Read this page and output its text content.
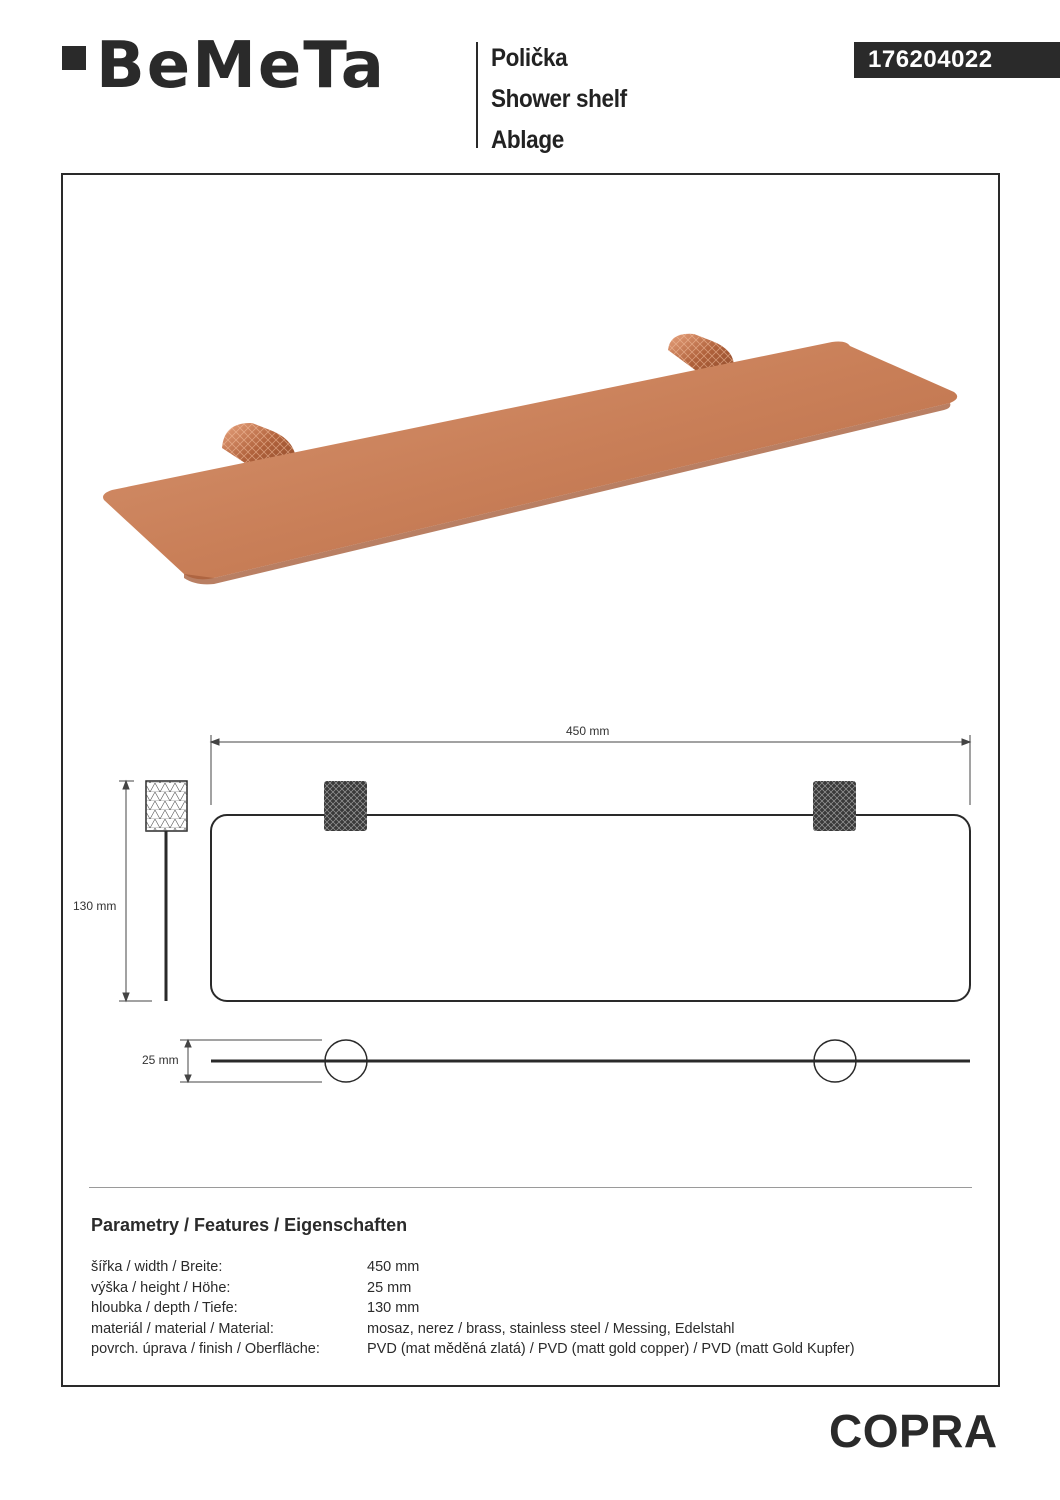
BeMeTa	Polička
Shower shelf
Ablage
176204022
450 mm
130 mm
25 mm
Parametry / Features / Eigenschaften
šířka / width / Breite:	450 mm
výška / height / Höhe:	25 mm
hloubka / depth / Tiefe:	130 mm
materiál / material / Material:	mosaz, nerez / brass, stainless steel / Messing, Edelstahl
povrch. úprava / finish / Oberfläche:	PVD (mat měděná zlatá) / PVD (matt gold copper) / PVD (matt Gold Kupfer)
COPRA
